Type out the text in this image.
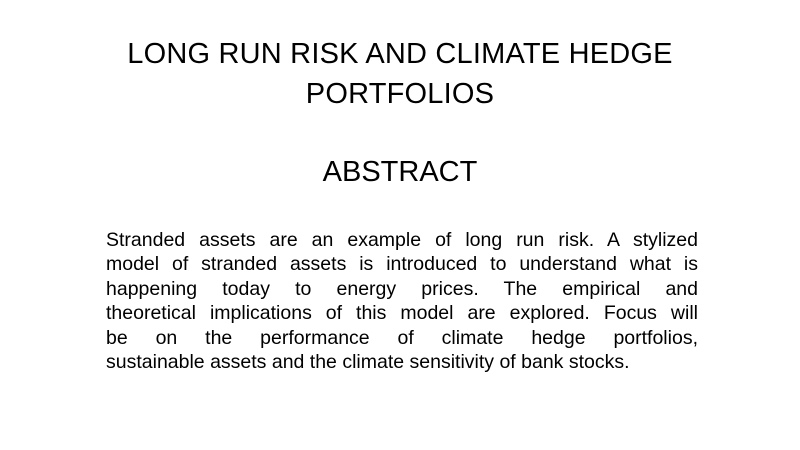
LONG RUN RISK AND CLIMATE HEDGE
PORTFOLIOS
ABSTRACT

Stranded assets are an example of long run risk. A stylized
model of stranded assets is introduced to understand what is
happening today to energy prices. The empirical and
theoretical implications of this model are explored. Focus will
be on the performance of climate hedge portfolios,
sustainable assets and the climate sensitivity of bank stocks.
